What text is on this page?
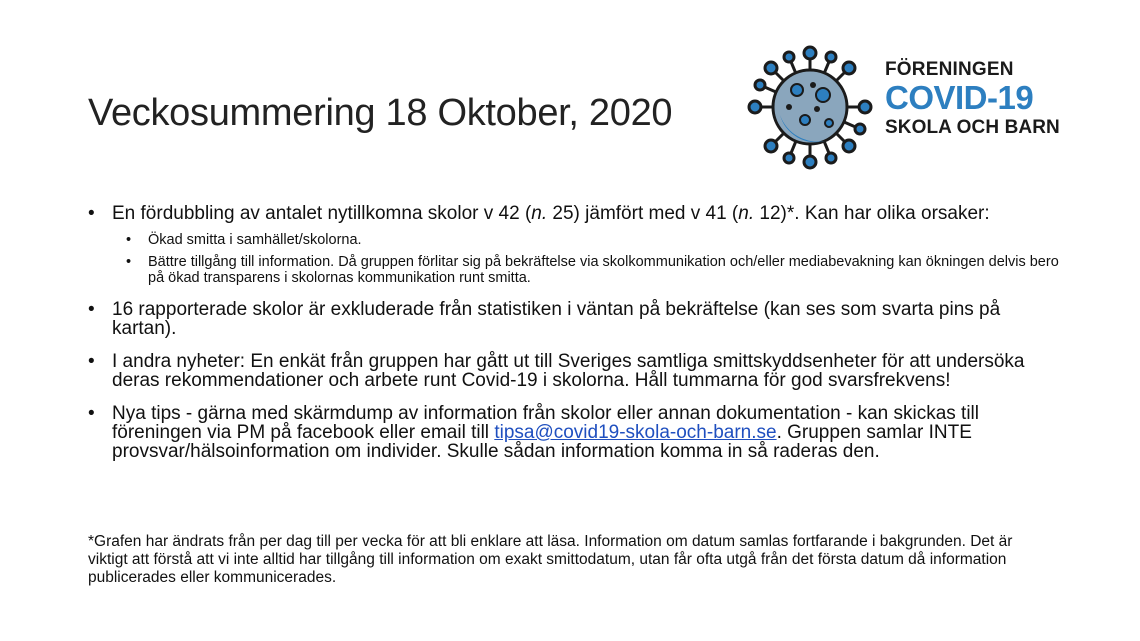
Veckosummering 18 Oktober, 2020
FÖRENINGEN
COVID-19
SKOLA OCH BARN
• En fördubbling av antalet nytillkomna skolor v 42 (n. 25) jämfört med v 41 (n. 12)*. Kan har olika orsaker:
• Ökad smitta i samhället/skolorna.
• Bättre tillgång till information. Då gruppen förlitar sig på bekräftelse via skolkommunikation och/eller mediabevakning kan ökningen delvis bero på ökad transparens i skolornas kommunikation runt smitta.
• 16 rapporterade skolor är exkluderade från statistiken i väntan på bekräftelse (kan ses som svarta pins på kartan).
• I andra nyheter: En enkät från gruppen har gått ut till Sveriges samtliga smittskyddsenheter för att undersöka deras rekommendationer och arbete runt Covid-19 i skolorna. Håll tummarna för god svarsfrekvens!
• Nya tips - gärna med skärmdump av information från skolor eller annan dokumentation - kan skickas till föreningen via PM på facebook eller email till tipsa@covid19-skola-och-barn.se. Gruppen samlar INTE provsvar/hälsoinformation om individer. Skulle sådan information komma in så raderas den.
*Grafen har ändrats från per dag till per vecka för att bli enklare att läsa. Information om datum samlas fortfarande i bakgrunden. Det är viktigt att förstå att vi inte alltid har tillgång till information om exakt smittodatum, utan får ofta utgå från det första datum då information publicerades eller kommunicerades.
